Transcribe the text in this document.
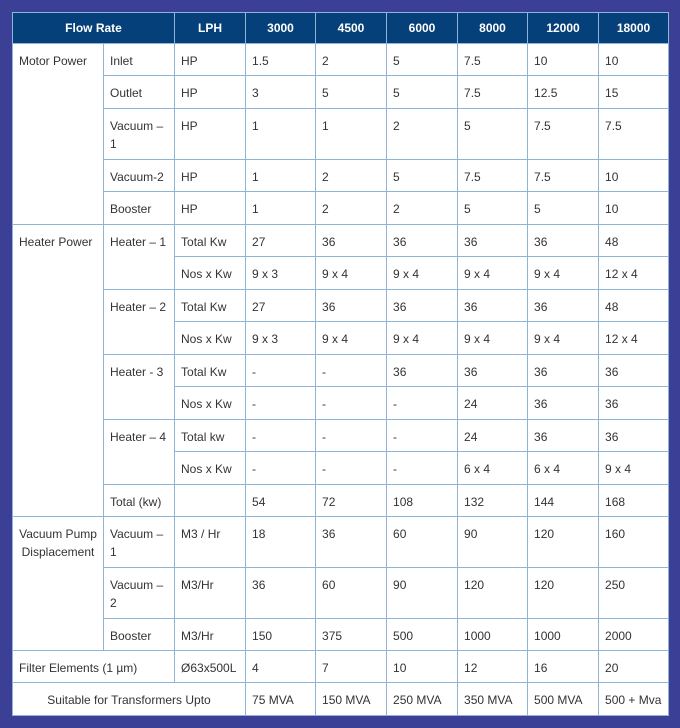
Flow Rate		LPH	3000	4500	6000	8000	12000	18000
Motor Power	Inlet	HP	1.5	2	5	7.5	10	10
	Outlet	HP	3	5	5	7.5	12.5	15
	Vacuum – 1	HP	1	1	2	5	7.5	7.5
	Vacuum-2	HP	1	2	5	7.5	7.5	10
	Booster	HP	1	2	2	5	5	10
Heater Power	Heater – 1	Total Kw	27	36	36	36	36	48
		Nos x Kw	9 x 3	9 x 4	9 x 4	9 x 4	9 x 4	12 x 4
	Heater – 2	Total Kw	27	36	36	36	36	48
		Nos x Kw	9 x 3	9 x 4	9 x 4	9 x 4	9 x 4	12 x 4
	Heater - 3	Total Kw	-	-	36	36	36	36
		Nos x Kw	-	-	-	24	36	36
	Heater – 4	Total kw	-	-	-	24	36	36
		Nos x Kw	-	-	-	6 x 4	6 x 4	9 x 4
	Total (kw)		54	72	108	132	144	168
Vacuum Pump Displacement	Vacuum – 1	M3 / Hr	18	36	60	90	120	160
	Vacuum – 2	M3/Hr	36	60	90	120	120	250
	Booster	M3/Hr	150	375	500	1000	1000	2000
Filter Elements (1 µm)		Ø63x500L	4	7	10	12	16	20
Suitable for Transformers Upto			75 MVA	150 MVA	250 MVA	350 MVA	500 MVA	500 + Mva
